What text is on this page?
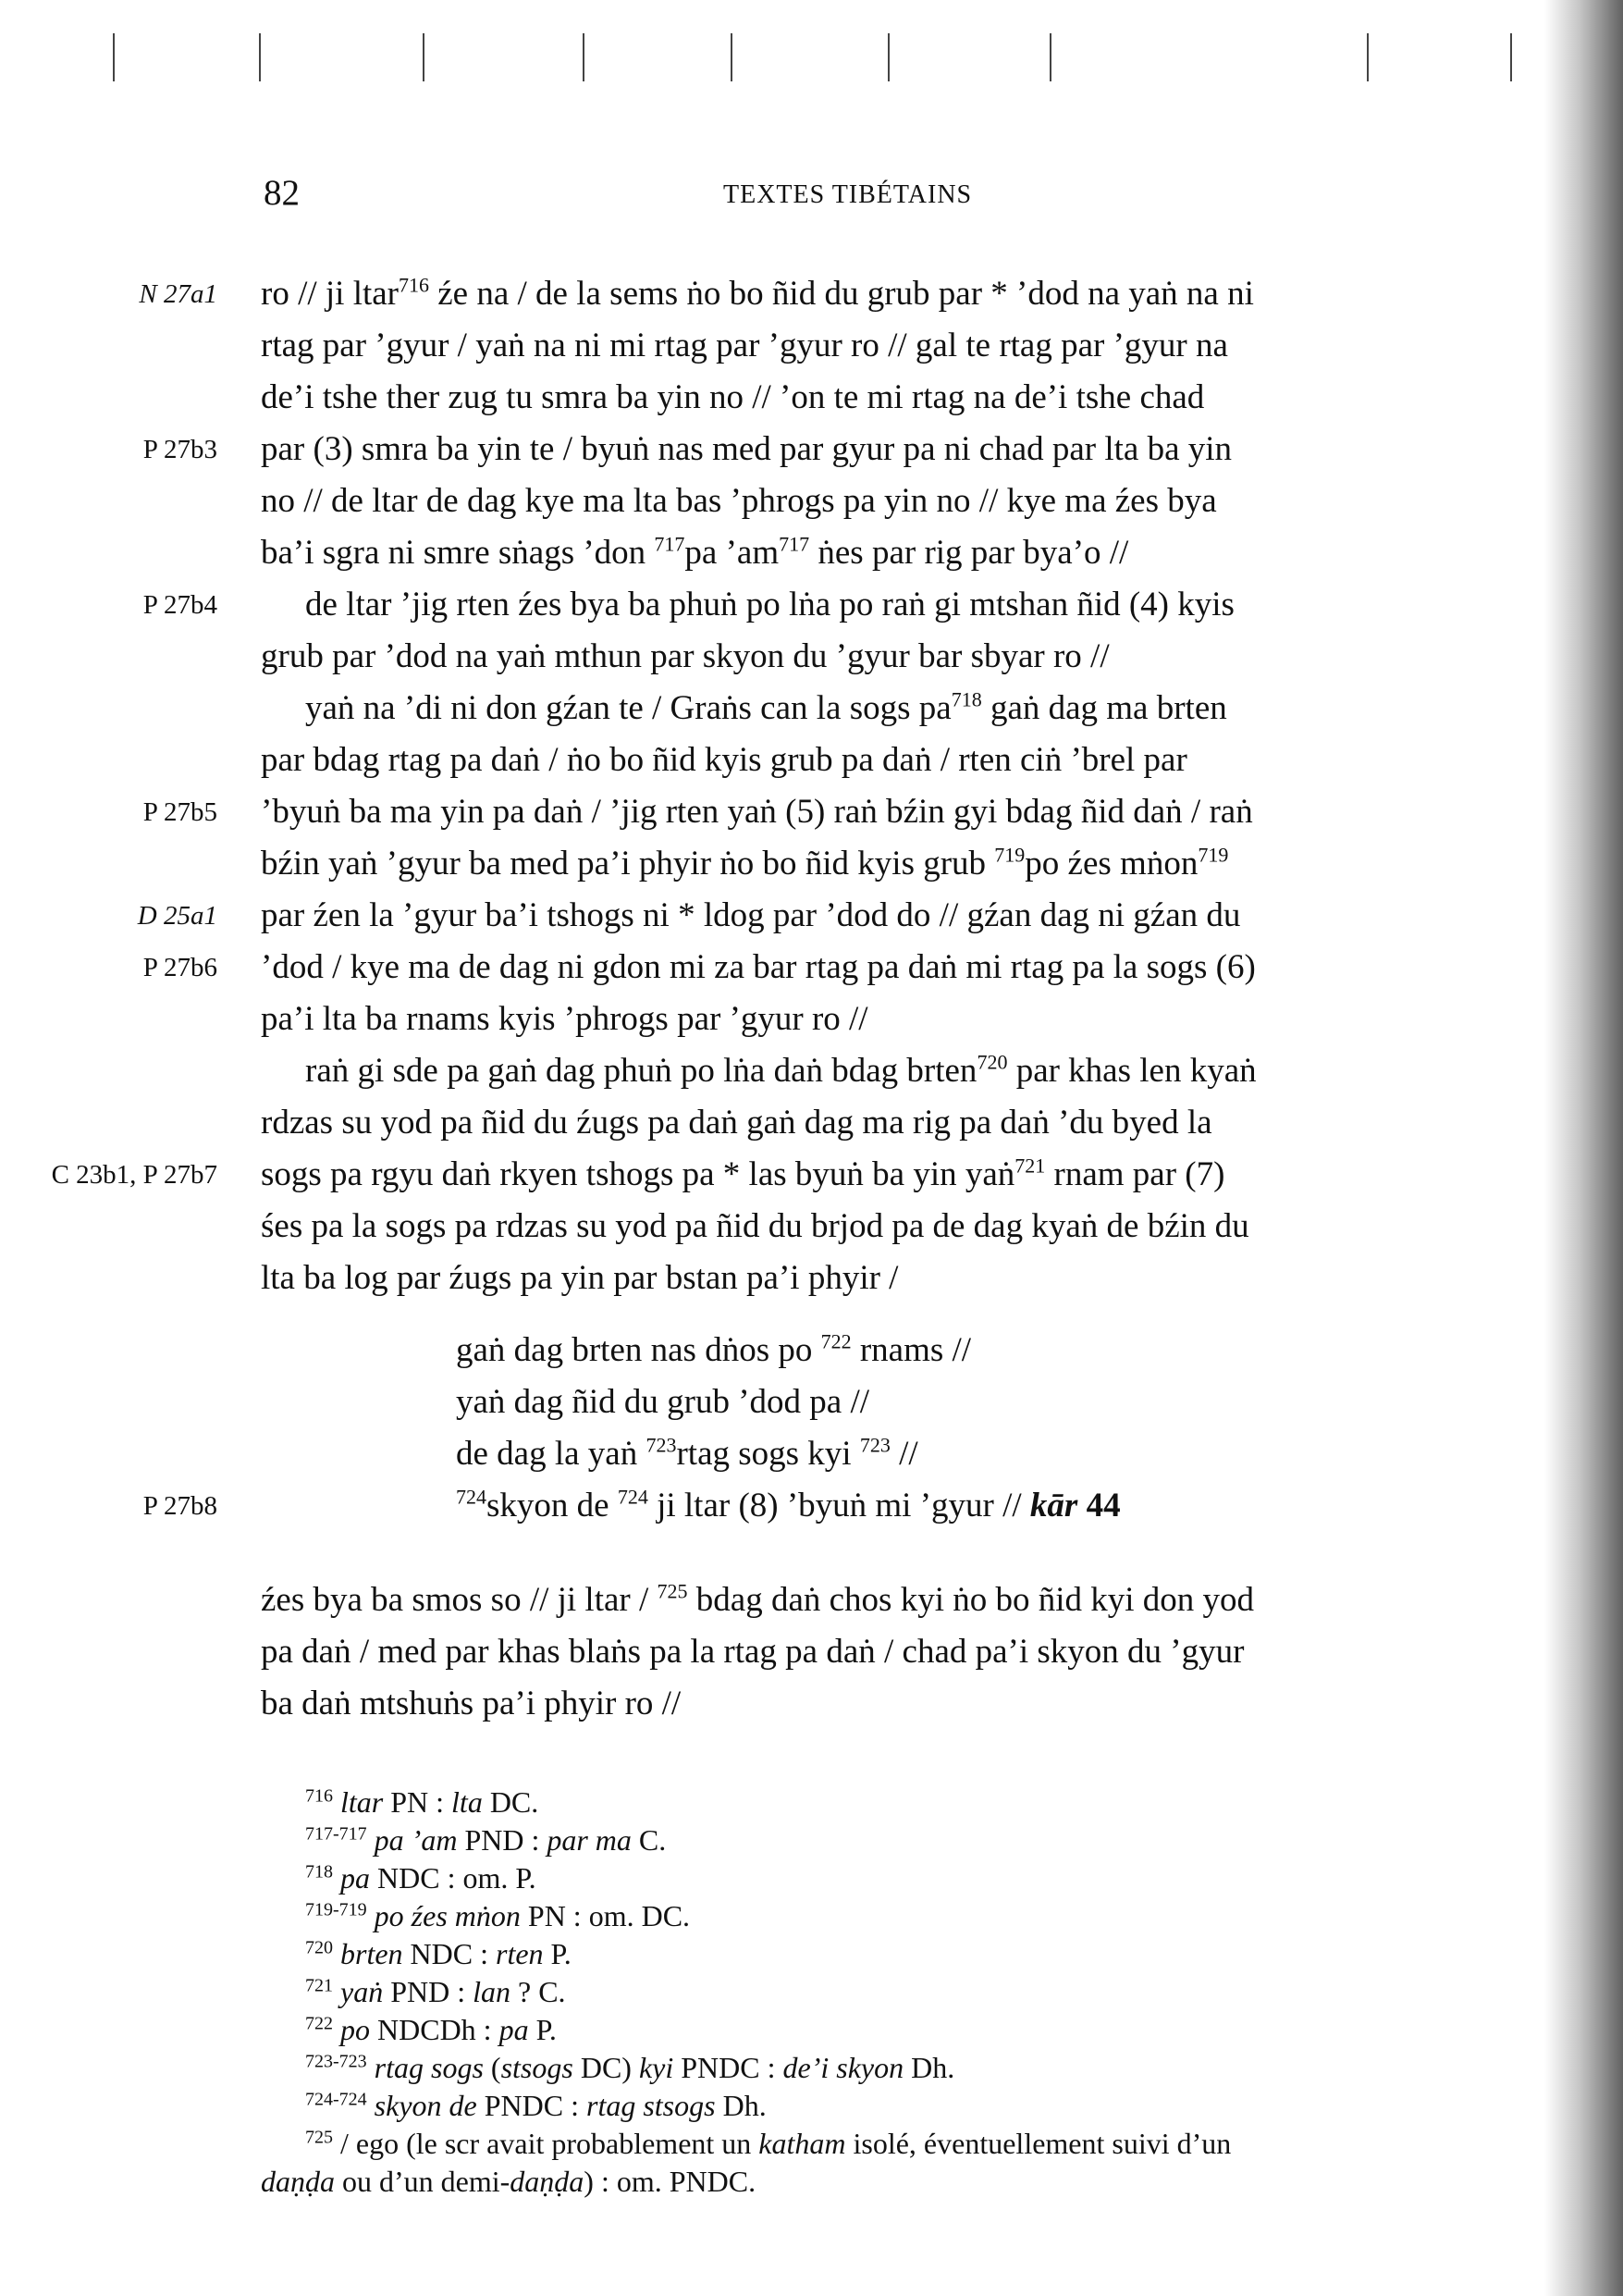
82	TEXTES TIBÉTAINS
N 27a1
P 27b3
P 27b4
P 27b5
D 25a1
P 27b6
C 23b1, P 27b7
P 27b8
ro // ji ltar$^{716}$ źe na / de la sems ṅo bo ñid du grub par * ’dod na yaṅ na ni
rtag par ’gyur / yaṅ na ni mi rtag par ’gyur ro // gal te rtag par ’gyur na
de’i tshe ther zug tu smra ba yin no // ’on te mi rtag na de’i tshe chad
par (3) smra ba yin te / byuṅ nas med par gyur pa ni chad par lta ba yin
no // de ltar de dag kye ma lta bas ’phrogs pa yin no // kye ma źes bya
ba’i sgra ni smre sṅags ’don $^{717}$pa $’am^{717}$ ṅes par rig par bya’o //
de ltar ’jig rten źes bya ba phuṅ po lṅa po raṅ gi mtshan ñid (4) kyis
grub par ’dod na yaṅ mthun par skyon du ’gyur bar sbyar ro //
yaṅ na ’di ni don gźan te / Graṅs can la sogs $pa^{718}$ gaṅ dag ma brten
par bdag rtag pa daṅ / ṅo bo ñid kyis grub pa daṅ / rten ciṅ ’brel par
’byuṅ ba ma yin pa daṅ / ’jig rten yaṅ (5) raṅ bźin gyi bdag ñid daṅ / raṅ
bźin yaṅ ’gyur ba med pa’i phyir ṅo bo ñid kyis grub $^{719}$po źes mṅon$^{719}$
par źen la ’gyur ba’i tshogs ni * ldog par ’dod do // gźan dag ni gźan du
’dod / kye ma de dag ni gdon mi za bar rtag pa daṅ mi rtag pa la sogs (6)
pa’i lta ba rnams kyis ’phrogs par ’gyur ro //
raṅ gi sde pa gaṅ dag phuṅ po lṅa daṅ bdag brten$^{720}$ par khas len kyaṅ
rdzas su yod pa ñid du źugs pa daṅ gaṅ dag ma rig pa daṅ ’du byed la
sogs pa rgyu daṅ rkyen tshogs pa * las byuṅ ba yin yaṅ$^{721}$ rnam par (7)
śes pa la sogs pa rdzas su yod pa ñid du brjod pa de dag kyaṅ de bźin du
lta ba log par źugs pa yin par bstan pa’i phyir /
gaṅ dag brten nas dṅos po $^{722}$ rnams //
yaṅ dag ñid du grub ’dod pa //
de dag la yaṅ $^{723}$rtag sogs kyi $^{723}$ //
$^{724}$skyon de $^{724}$ ji ltar (8) ’byuṅ mi ’gyur // kār 44
źes bya ba smos so // ji ltar / $^{725}$ bdag daṅ chos kyi ṅo bo ñid kyi don yod
pa daṅ / med par khas blaṅs pa la rtag pa daṅ / chad pa’i skyon du ’gyur
ba daṅ mtshuṅs pa’i phyir ro //
$^{716}$ ltar PN : lta DC.
$^{717-717}$ pa ’am PND : par ma C.
$^{718}$ pa NDC : om. P.
$^{719-719}$ po źes mṅon PN : om. DC.
$^{720}$ brten NDC : rten P.
$^{721}$ yaṅ PND : lan ? C.
$^{722}$ po NDCDh : pa P.
$^{723-723}$ rtag sogs (stsogs DC) kyi PNDC : de’i skyon Dh.
$^{724-724}$ skyon de PNDC : rtag stsogs Dh.
$^{725}$ / ego (le scr avait probablement un katham isolé, éventuellement suivi d’un
daṇḍa ou d’un demi-daṇḍa) : om. PNDC.
